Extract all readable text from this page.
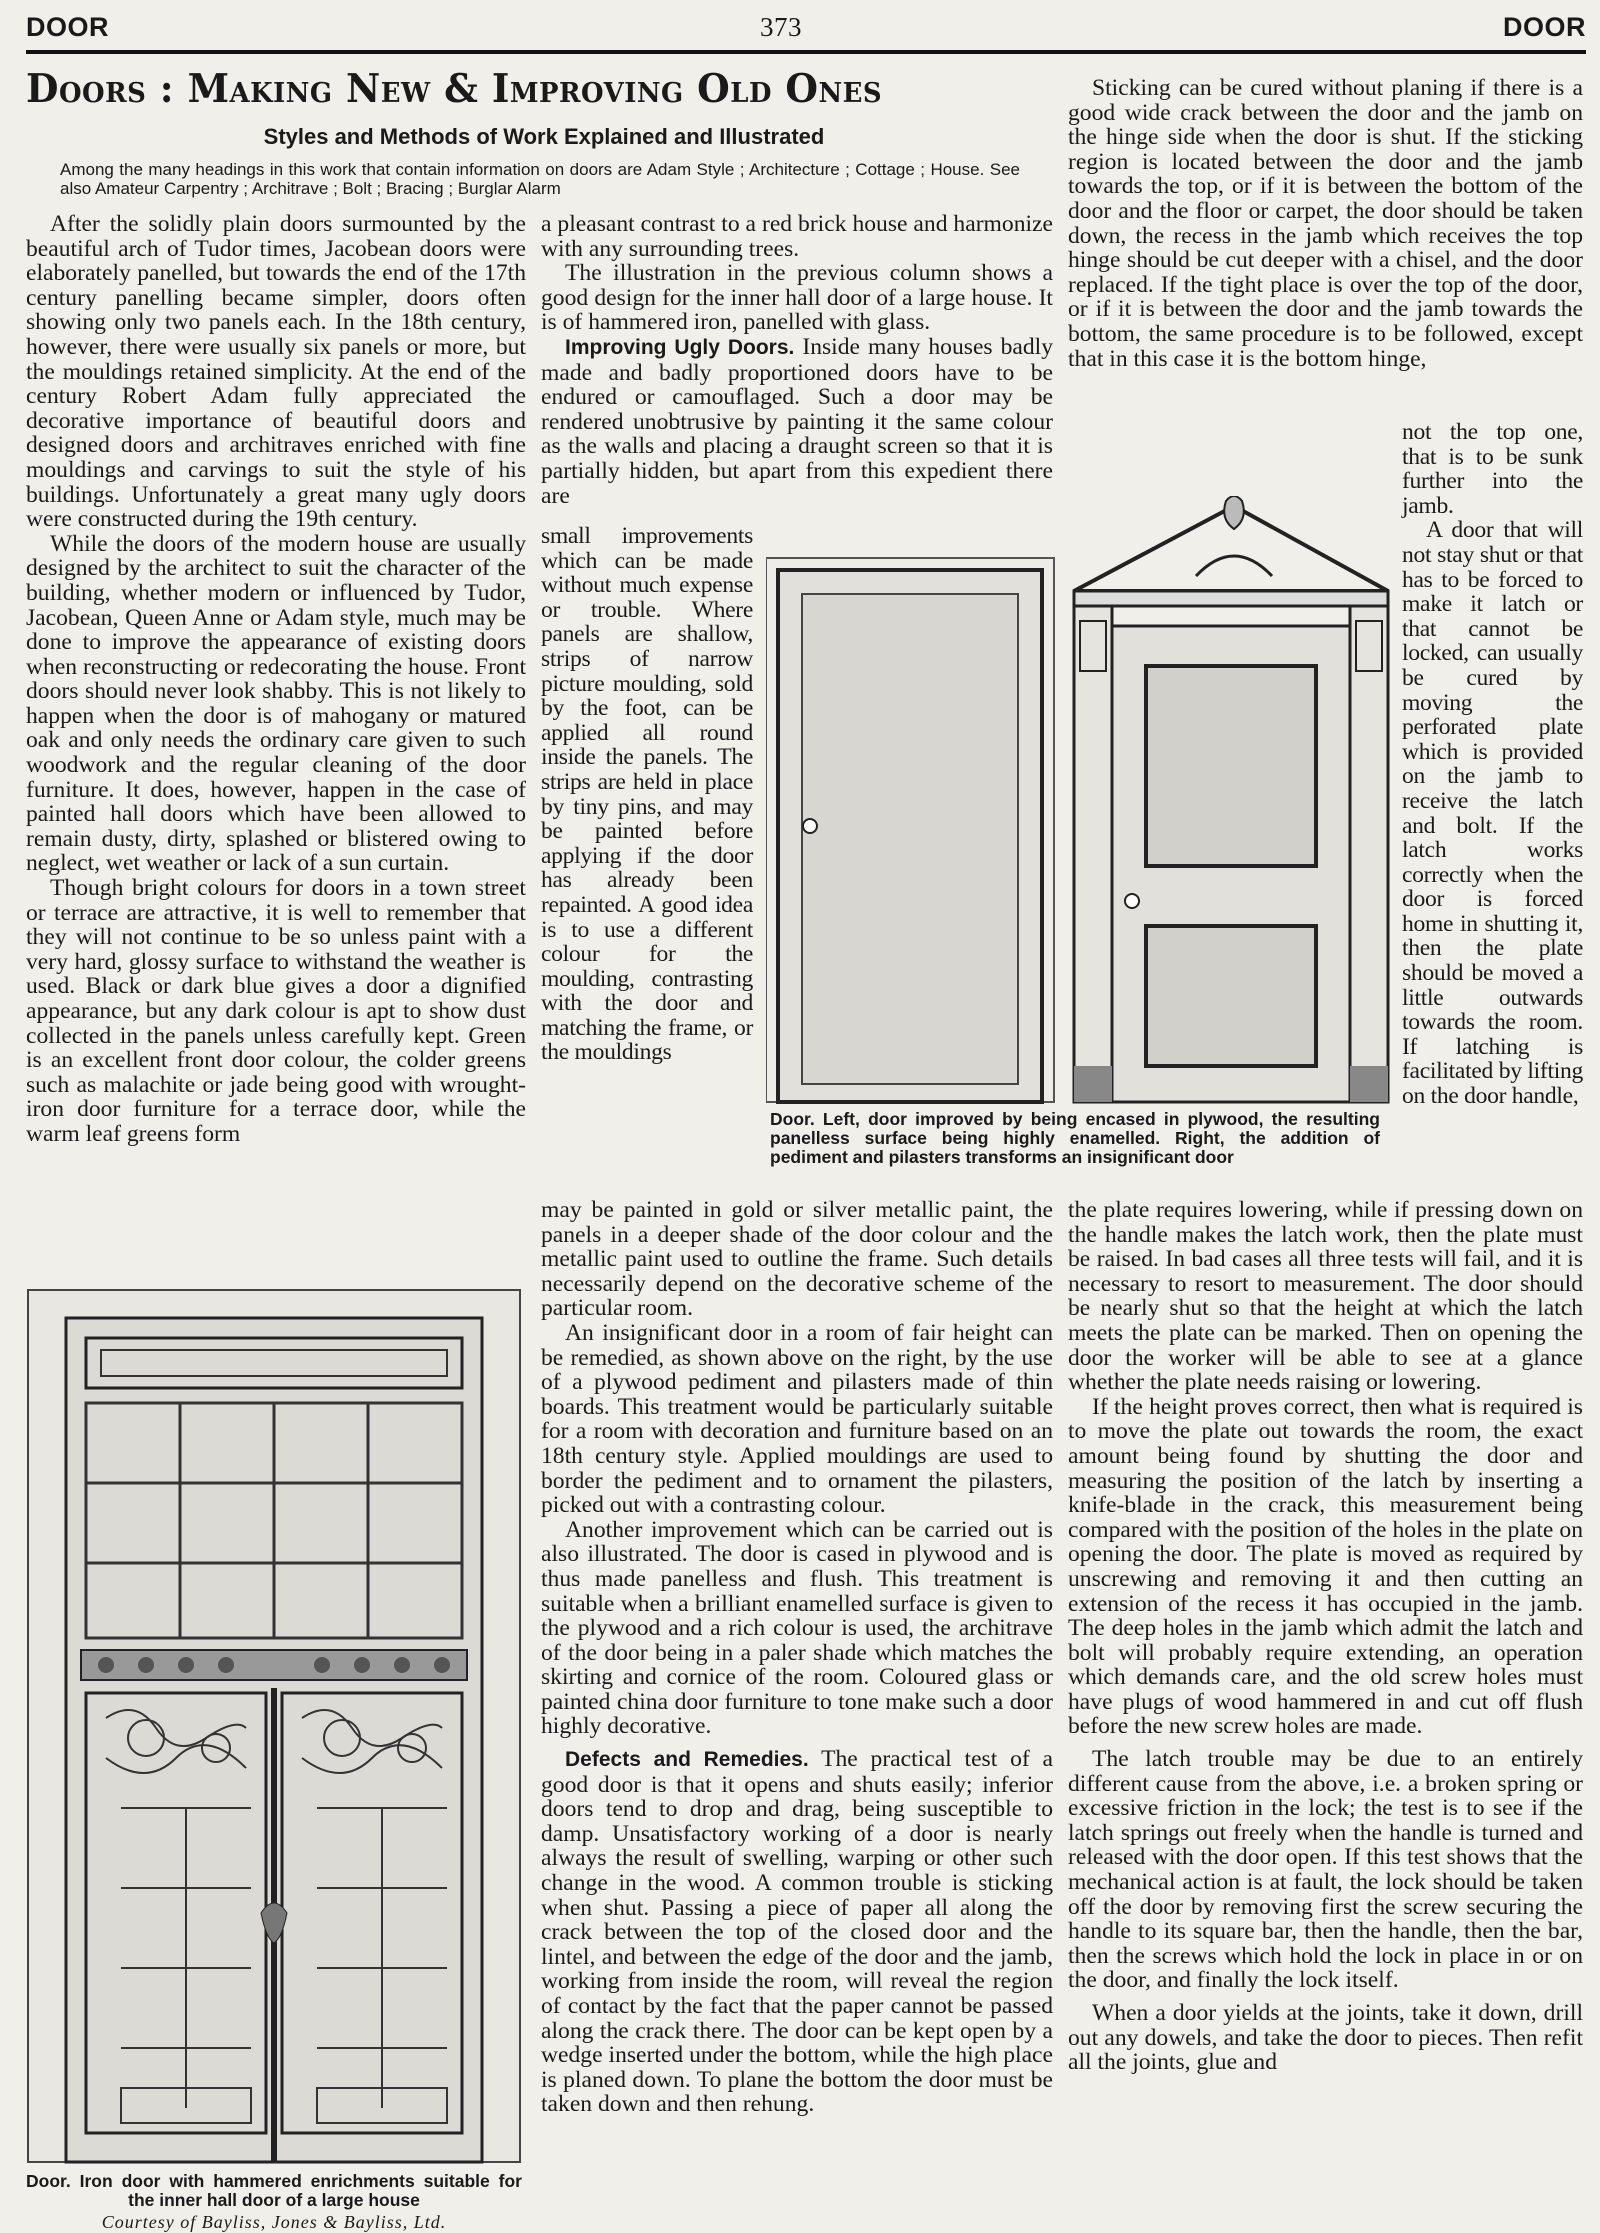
DOOR	373	DOOR
Doors : Making New & Improving Old Ones
Styles and Methods of Work Explained and Illustrated
Among the many headings in this work that contain information on doors are Adam Style ; Architecture ; Cottage ; House. See also Amateur Carpentry ; Architrave ; Bolt ; Bracing ; Burglar Alarm

After the solidly plain doors surmounted by the beautiful arch of Tudor times, Jacobean doors were elaborately panelled, but towards the end of the 17th century panelling became simpler, doors often showing only two panels each. In the 18th century, however, there were usually six panels or more, but the mouldings retained simplicity. At the end of the century Robert Adam fully appreciated the decorative importance of beautiful doors and designed doors and architraves enriched with fine mouldings and carvings to suit the style of his buildings. Unfortunately a great many ugly doors were constructed during the 19th century.

While the doors of the modern house are usually designed by the architect to suit the character of the building, whether modern or influenced by Tudor, Jacobean, Queen Anne or Adam style, much may be done to improve the appearance of existing doors when reconstructing or redecorating the house. Front doors should never look shabby. This is not likely to happen when the door is of mahogany or matured oak and only needs the ordinary care given to such woodwork and the regular cleaning of the door furniture. It does, however, happen in the case of painted hall doors which have been allowed to remain dusty, dirty, splashed or blistered owing to neglect, wet weather or lack of a sun curtain.

Though bright colours for doors in a town street or terrace are attractive, it is well to remember that they will not continue to be so unless paint with a very hard, glossy surface to withstand the weather is used. Black or dark blue gives a door a dignified appearance, but any dark colour is apt to show dust collected in the panels unless carefully kept. Green is an excellent front door colour, the colder greens such as malachite or jade being good with wrought-iron door furniture for a terrace door, while the warm leaf greens form

Door. Iron door with hammered enrichments suitable for the inner hall door of a large house
Courtesy of Bayliss, Jones & Bayliss, Ltd.

a pleasant contrast to a red brick house and harmonize with any surrounding trees.

The illustration in the previous column shows a good design for the inner hall door of a large house. It is of hammered iron, panelled with glass.

Improving Ugly Doors. Inside many houses badly made and badly proportioned doors have to be endured or camouflaged. Such a door may be rendered unobtrusive by painting it the same colour as the walls and placing a draught screen so that it is partially hidden, but apart from this expedient there are

small improvements which can be made without much expense or trouble. Where panels are shallow, strips of narrow picture moulding, sold by the foot, can be applied all round inside the panels. The strips are held in place by tiny pins, and may be painted before applying if the door has already been repainted. A good idea is to use a different colour for the moulding, contrasting with the door and matching the frame, or the mouldings

Door. Left, door improved by being encased in plywood, the resulting panelless surface being highly enamelled. Right, the addition of pediment and pilasters transforms an insignificant door

may be painted in gold or silver metallic paint, the panels in a deeper shade of the door colour and the metallic paint used to outline the frame. Such details necessarily depend on the decorative scheme of the particular room.

An insignificant door in a room of fair height can be remedied, as shown above on the right, by the use of a plywood pediment and pilasters made of thin boards. This treatment would be particularly suitable for a room with decoration and furniture based on an 18th century style. Applied mouldings are used to border the pediment and to ornament the pilasters, picked out with a contrasting colour.

Another improvement which can be carried out is also illustrated. The door is cased in plywood and is thus made panelless and flush. This treatment is suitable when a brilliant enamelled surface is given to the plywood and a rich colour is used, the architrave of the door being in a paler shade which matches the skirting and cornice of the room. Coloured glass or painted china door furniture to tone make such a door highly decorative.

Defects and Remedies. The practical test of a good door is that it opens and shuts easily; inferior doors tend to drop and drag, being susceptible to damp. Unsatisfactory working of a door is nearly always the result of swelling, warping or other such change in the wood. A common trouble is sticking when shut. Passing a piece of paper all along the crack between the top of the closed door and the lintel, and between the edge of the door and the jamb, working from inside the room, will reveal the region of contact by the fact that the paper cannot be passed along the crack there. The door can be kept open by a wedge inserted under the bottom, while the high place is planed down. To plane the bottom the door must be taken down and then rehung.

Sticking can be cured without planing if there is a good wide crack between the door and the jamb on the hinge side when the door is shut. If the sticking region is located between the door and the jamb towards the top, or if it is between the bottom of the door and the floor or carpet, the door should be taken down, the recess in the jamb which receives the top hinge should be cut deeper with a chisel, and the door replaced. If the tight place is over the top of the door, or if it is between the door and the jamb towards the bottom, the same procedure is to be followed, except that in this case it is the bottom hinge,

not the top one, that is to be sunk further into the jamb.

A door that will not stay shut or that has to be forced to make it latch or that cannot be locked, can usually be cured by moving the perforated plate which is provided on the jamb to receive the latch and bolt. If the latch works correctly when the door is forced home in shutting it, then the plate should be moved a little outwards towards the room. If latching is facilitated by lifting on the door handle,

the plate requires lowering, while if pressing down on the handle makes the latch work, then the plate must be raised. In bad cases all three tests will fail, and it is necessary to resort to measurement. The door should be nearly shut so that the height at which the latch meets the plate can be marked. Then on opening the door the worker will be able to see at a glance whether the plate needs raising or lowering.

If the height proves correct, then what is required is to move the plate out towards the room, the exact amount being found by shutting the door and measuring the position of the latch by inserting a knife-blade in the crack, this measurement being compared with the position of the holes in the plate on opening the door. The plate is moved as required by unscrewing and removing it and then cutting an extension of the recess it has occupied in the jamb. The deep holes in the jamb which admit the latch and bolt will probably require extending, an operation which demands care, and the old screw holes must have plugs of wood hammered in and cut off flush before the new screw holes are made.

The latch trouble may be due to an entirely different cause from the above, i.e. a broken spring or excessive friction in the lock; the test is to see if the latch springs out freely when the handle is turned and released with the door open. If this test shows that the mechanical action is at fault, the lock should be taken off the door by removing first the screw securing the handle to its square bar, then the handle, then the bar, then the screws which hold the lock in place in or on the door, and finally the lock itself.

When a door yields at the joints, take it down, drill out any dowels, and take the door to pieces. Then refit all the joints, glue and
